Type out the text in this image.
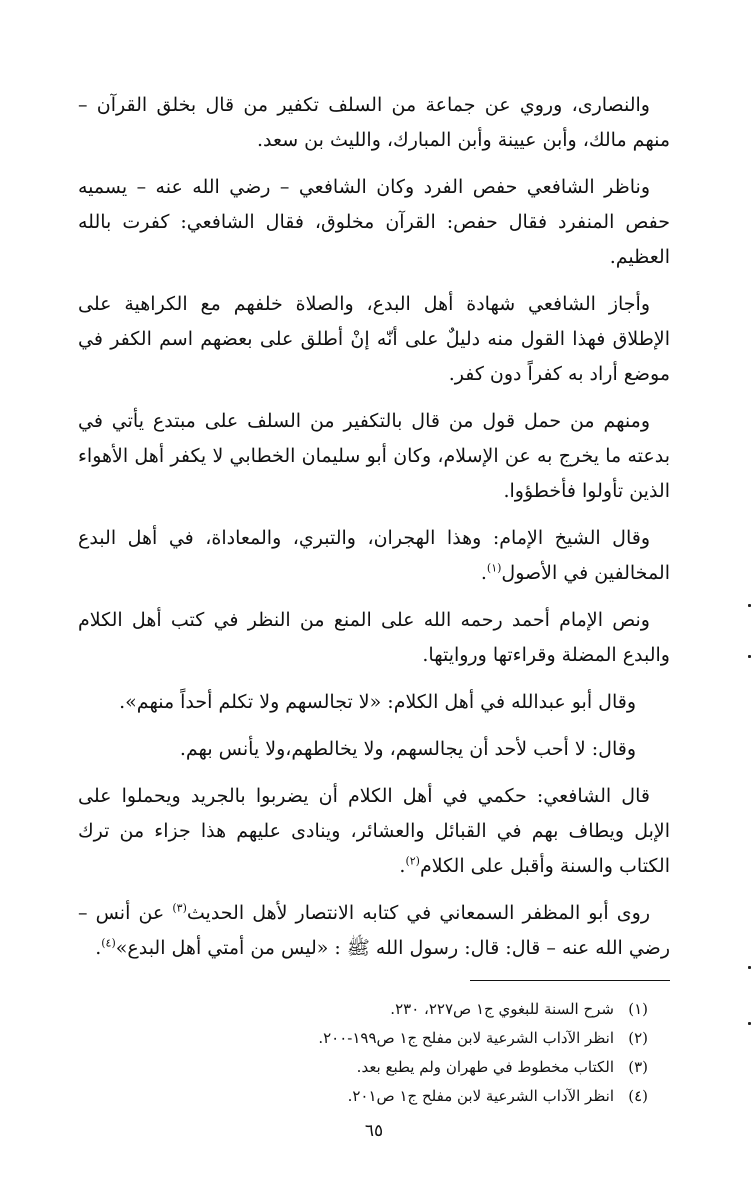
والنصارى، وروي عن جماعة من السلف تكفير من قال بخلق القرآن – منهم مالك، وأبن عيينة وأبن المبارك، والليث بن سعد.

وناظر الشافعي حفص الفرد وكان الشافعي – رضي الله عنه – يسميه حفص المنفرد فقال حفص: القرآن مخلوق، فقال الشافعي: كفرت بالله العظيم.

وأجاز الشافعي شهادة أهل البدع، والصلاة خلفهم مع الكراهية على الإطلاق فهذا القول منه دليلٌ على أنّه إنْ أطلق على بعضهم اسم الكفر في موضع أراد به كفراً دون كفر.

ومنهم من حمل قول من قال بالتكفير من السلف على مبتدع يأتي في بدعته ما يخرج به عن الإسلام، وكان أبو سليمان الخطابي لا يكفر أهل الأهواء الذين تأولوا فأخطؤوا.

وقال الشيخ الإمام: وهذا الهجران، والتبري، والمعاداة، في أهل البدع المخالفين في الأصول$^{(١)}$.

ونص الإمام أحمد رحمه الله على المنع من النظر في كتب أهل الكلام والبدع المضلة وقراءتها وروايتها.

وقال أبو عبدالله في أهل الكلام: «لا تجالسهم ولا تكلم أحداً منهم».

وقال: لا أحب لأحد أن يجالسهم، ولا يخالطهم،ولا يأنس بهم.

قال الشافعي: حكمي في أهل الكلام أن يضربوا بالجريد ويحملوا على الإبل ويطاف بهم في القبائل والعشائر، وينادى عليهم هذا جزاء من ترك الكتاب والسنة وأقبل على الكلام$^{(٢)}$.

روى أبو المظفر السمعاني في كتابه الانتصار لأهل الحديث$^{(٣)}$ عن أنس – رضي الله عنه – قال: قال: رسول الله ﷺ : «ليس من أمتي أهل البدع»$^{(٤)}$.

(١)شرح السنة للبغوي ج١ ص٢٢٧، ٢٣٠.

(٢)انظر الآداب الشرعية لابن مفلح ج١ ص١٩٩-٢٠٠.

(٣)الكتاب مخطوط في طهران ولم يطبع بعد.

(٤)انظر الآداب الشرعية لابن مفلح ج١ ص٢٠١.

٦٥
